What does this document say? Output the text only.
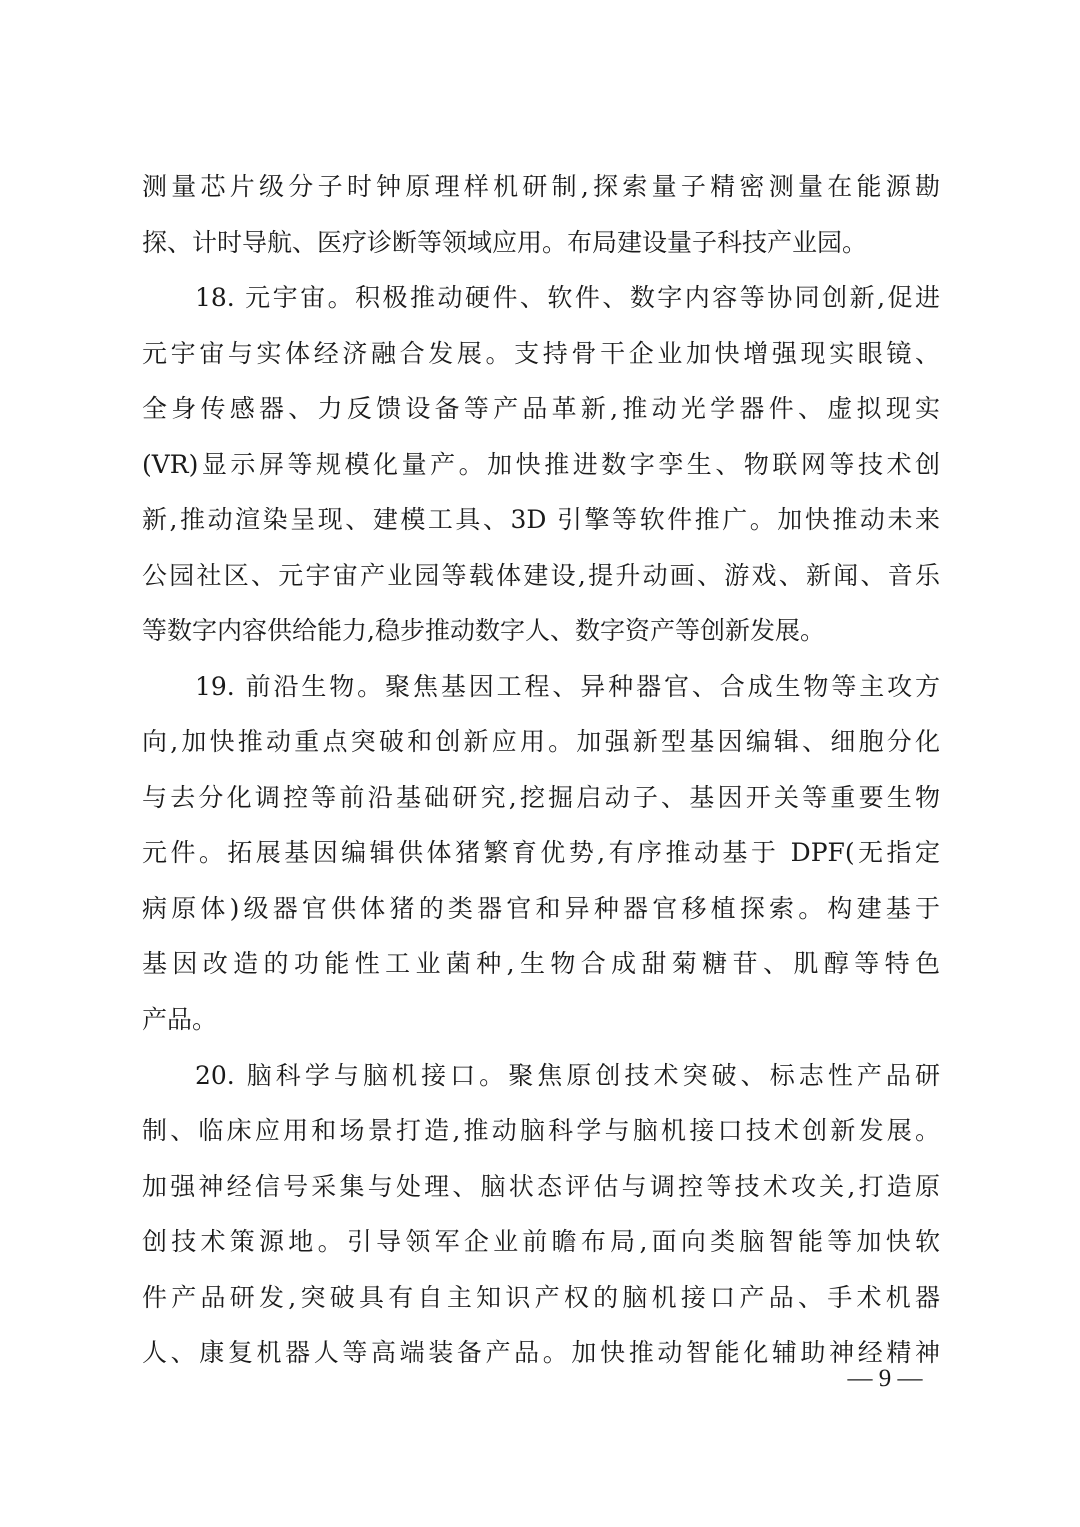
测量芯片级分子时钟原理样机研制,探索量子精密测量在能源勘
探、计时导航、医疗诊断等领域应用。布局建设量子科技产业园。
18. 元宇宙。积极推动硬件、软件、数字内容等协同创新,促进
元宇宙与实体经济融合发展。支持骨干企业加快增强现实眼镜、
全身传感器、力反馈设备等产品革新,推动光学器件、虚拟现实
(VR)显示屏等规模化量产。加快推进数字孪生、物联网等技术创
新,推动渲染呈现、建模工具、3D 引擎等软件推广。加快推动未来
公园社区、元宇宙产业园等载体建设,提升动画、游戏、新闻、音乐
等数字内容供给能力,稳步推动数字人、数字资产等创新发展。
19. 前沿生物。聚焦基因工程、异种器官、合成生物等主攻方
向,加快推动重点突破和创新应用。加强新型基因编辑、细胞分化
与去分化调控等前沿基础研究,挖掘启动子、基因开关等重要生物
元件。拓展基因编辑供体猪繁育优势,有序推动基于 DPF(无指定
病原体)级器官供体猪的类器官和异种器官移植探索。构建基于
基因改造的功能性工业菌种,生物合成甜菊糖苷、肌醇等特色
产品。
20. 脑科学与脑机接口。聚焦原创技术突破、标志性产品研
制、临床应用和场景打造,推动脑科学与脑机接口技术创新发展。
加强神经信号采集与处理、脑状态评估与调控等技术攻关,打造原
创技术策源地。引导领军企业前瞻布局,面向类脑智能等加快软
件产品研发,突破具有自主知识产权的脑机接口产品、手术机器
人、康复机器人等高端装备产品。加快推动智能化辅助神经精神
— 9 —
